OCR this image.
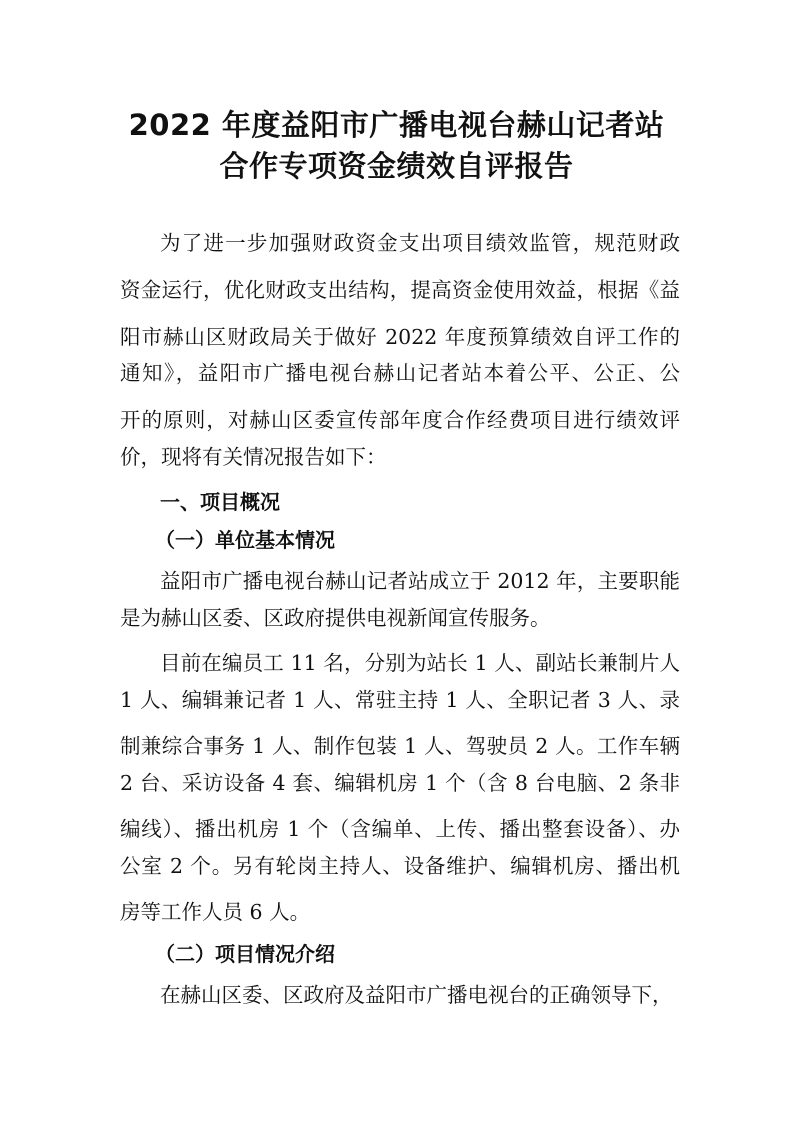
2022 年度益阳市广播电视台赫山记者站
合作专项资金绩效自评报告
为了进一步加强财政资金支出项目绩效监管，规范财政
资金运行，优化财政支出结构，提高资金使用效益，根据《益
阳市赫山区财政局关于做好 2022 年度预算绩效自评工作的
通知》，益阳市广播电视台赫山记者站本着公平、公正、公
开的原则，对赫山区委宣传部年度合作经费项目进行绩效评
价，现将有关情况报告如下：
一、项目概况
（一）单位基本情况
益阳市广播电视台赫山记者站成立于 2012 年，主要职能
是为赫山区委、区政府提供电视新闻宣传服务。
目前在编员工 11 名，分别为站长 1 人、副站长兼制片人
1 人、编辑兼记者 1 人、常驻主持 1 人、全职记者 3 人、录
制兼综合事务 1 人、制作包装 1 人、驾驶员 2 人。工作车辆
2 台、采访设备 4 套、编辑机房 1 个（含 8 台电脑、2 条非
编线）、播出机房 1 个（含编单、上传、播出整套设备）、办
公室 2 个。另有轮岗主持人、设备维护、编辑机房、播出机
房等工作人员 6 人。
（二）项目情况介绍
在赫山区委、区政府及益阳市广播电视台的正确领导下，
